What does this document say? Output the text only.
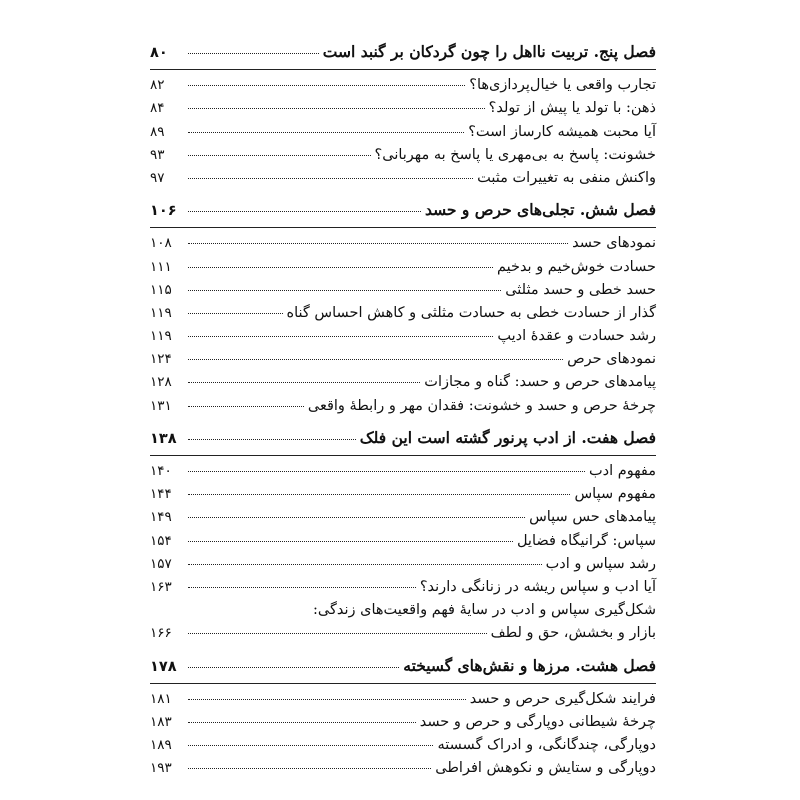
فصل پنج. تربیت نااهل را چون گردکان بر گنبد است
۸۰
تجارب واقعی یا خیال‌پردازی‌ها؟
۸۲
ذهن: با تولد یا پیش از تولد؟
۸۴
آیا محبت همیشه کارساز است؟
۸۹
خشونت: پاسخ به بی‌مهری یا پاسخ به مهربانی؟
۹۳
واکنش منفی به تغییرات مثبت
۹۷
فصل شش. تجلی‌های حرص و حسد
۱۰۶
نمودهای حسد
۱۰۸
حسادت خوش‌خیم و بدخیم
۱۱۱
حسد خطی و حسد مثلثی
۱۱۵
گذار از حسادت خطی به حسادت مثلثی و کاهش احساس گناه
۱۱۹
رشد حسادت و عقدهٔ ادیپ
۱۱۹
نمودهای حرص
۱۲۴
پیامدهای حرص و حسد: گناه و مجازات
۱۲۸
چرخهٔ حرص و حسد و خشونت: فقدان مهر و رابطهٔ واقعی
۱۳۱
فصل هفت. از ادب پرنور گشته است این فلک
۱۳۸
مفهوم ادب
۱۴۰
مفهوم سپاس
۱۴۴
پیامدهای حس سپاس
۱۴۹
سپاس: گرانیگاه فضایل
۱۵۴
رشد سپاس و ادب
۱۵۷
آیا ادب و سپاس ریشه در زنانگی دارند؟
۱۶۳
شکل‌گیری سپاس و ادب در سایهٔ فهم واقعیت‌های زندگی:
بازار و بخشش، حق و لطف
۱۶۶
فصل هشت. مرزها و نقش‌های گسیخته
۱۷۸
فرایند شکل‌گیری حرص و حسد
۱۸۱
چرخهٔ شیطانی دوپارگی و حرص و حسد
۱۸۳
دوپارگی، چندگانگی، و ادراک گسسته
۱۸۹
دوپارگی و ستایش و نکوهش افراطی
۱۹۳
